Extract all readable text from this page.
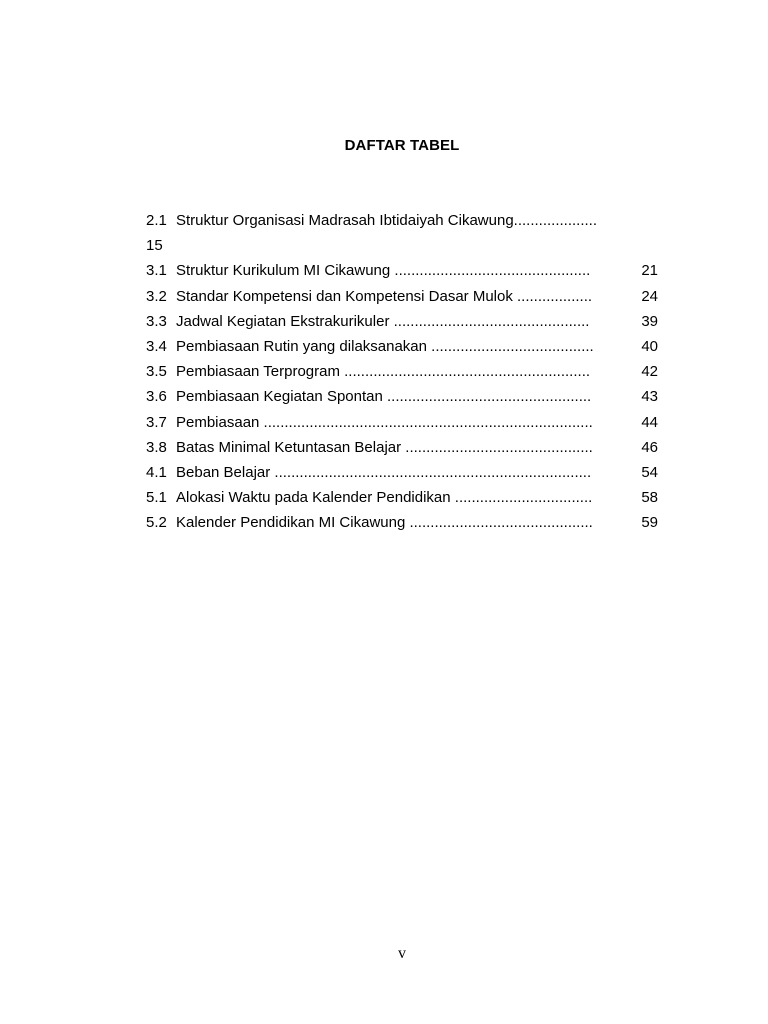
DAFTAR TABEL
2.1 Struktur Organisasi Madrasah Ibtidaiyah Cikawung....................
15
3.1 Struktur Kurikulum MI Cikawung ...............................................	21
3.2 Standar Kompetensi dan Kompetensi Dasar Mulok ..................	24
3.3 Jadwal Kegiatan Ekstrakurikuler ...............................................	39
3.4 Pembiasaan Rutin yang dilaksanakan .......................................	40
3.5 Pembiasaan Terprogram ...........................................................	42
3.6 Pembiasaan Kegiatan Spontan .................................................	43
3.7 Pembiasaan ...............................................................................	44
3.8 Batas Minimal Ketuntasan Belajar .............................................	46
4.1 Beban Belajar ............................................................................	54
5.1 Alokasi Waktu pada Kalender Pendidikan .................................	58
5.2 Kalender Pendidikan MI Cikawung ............................................	59
v
